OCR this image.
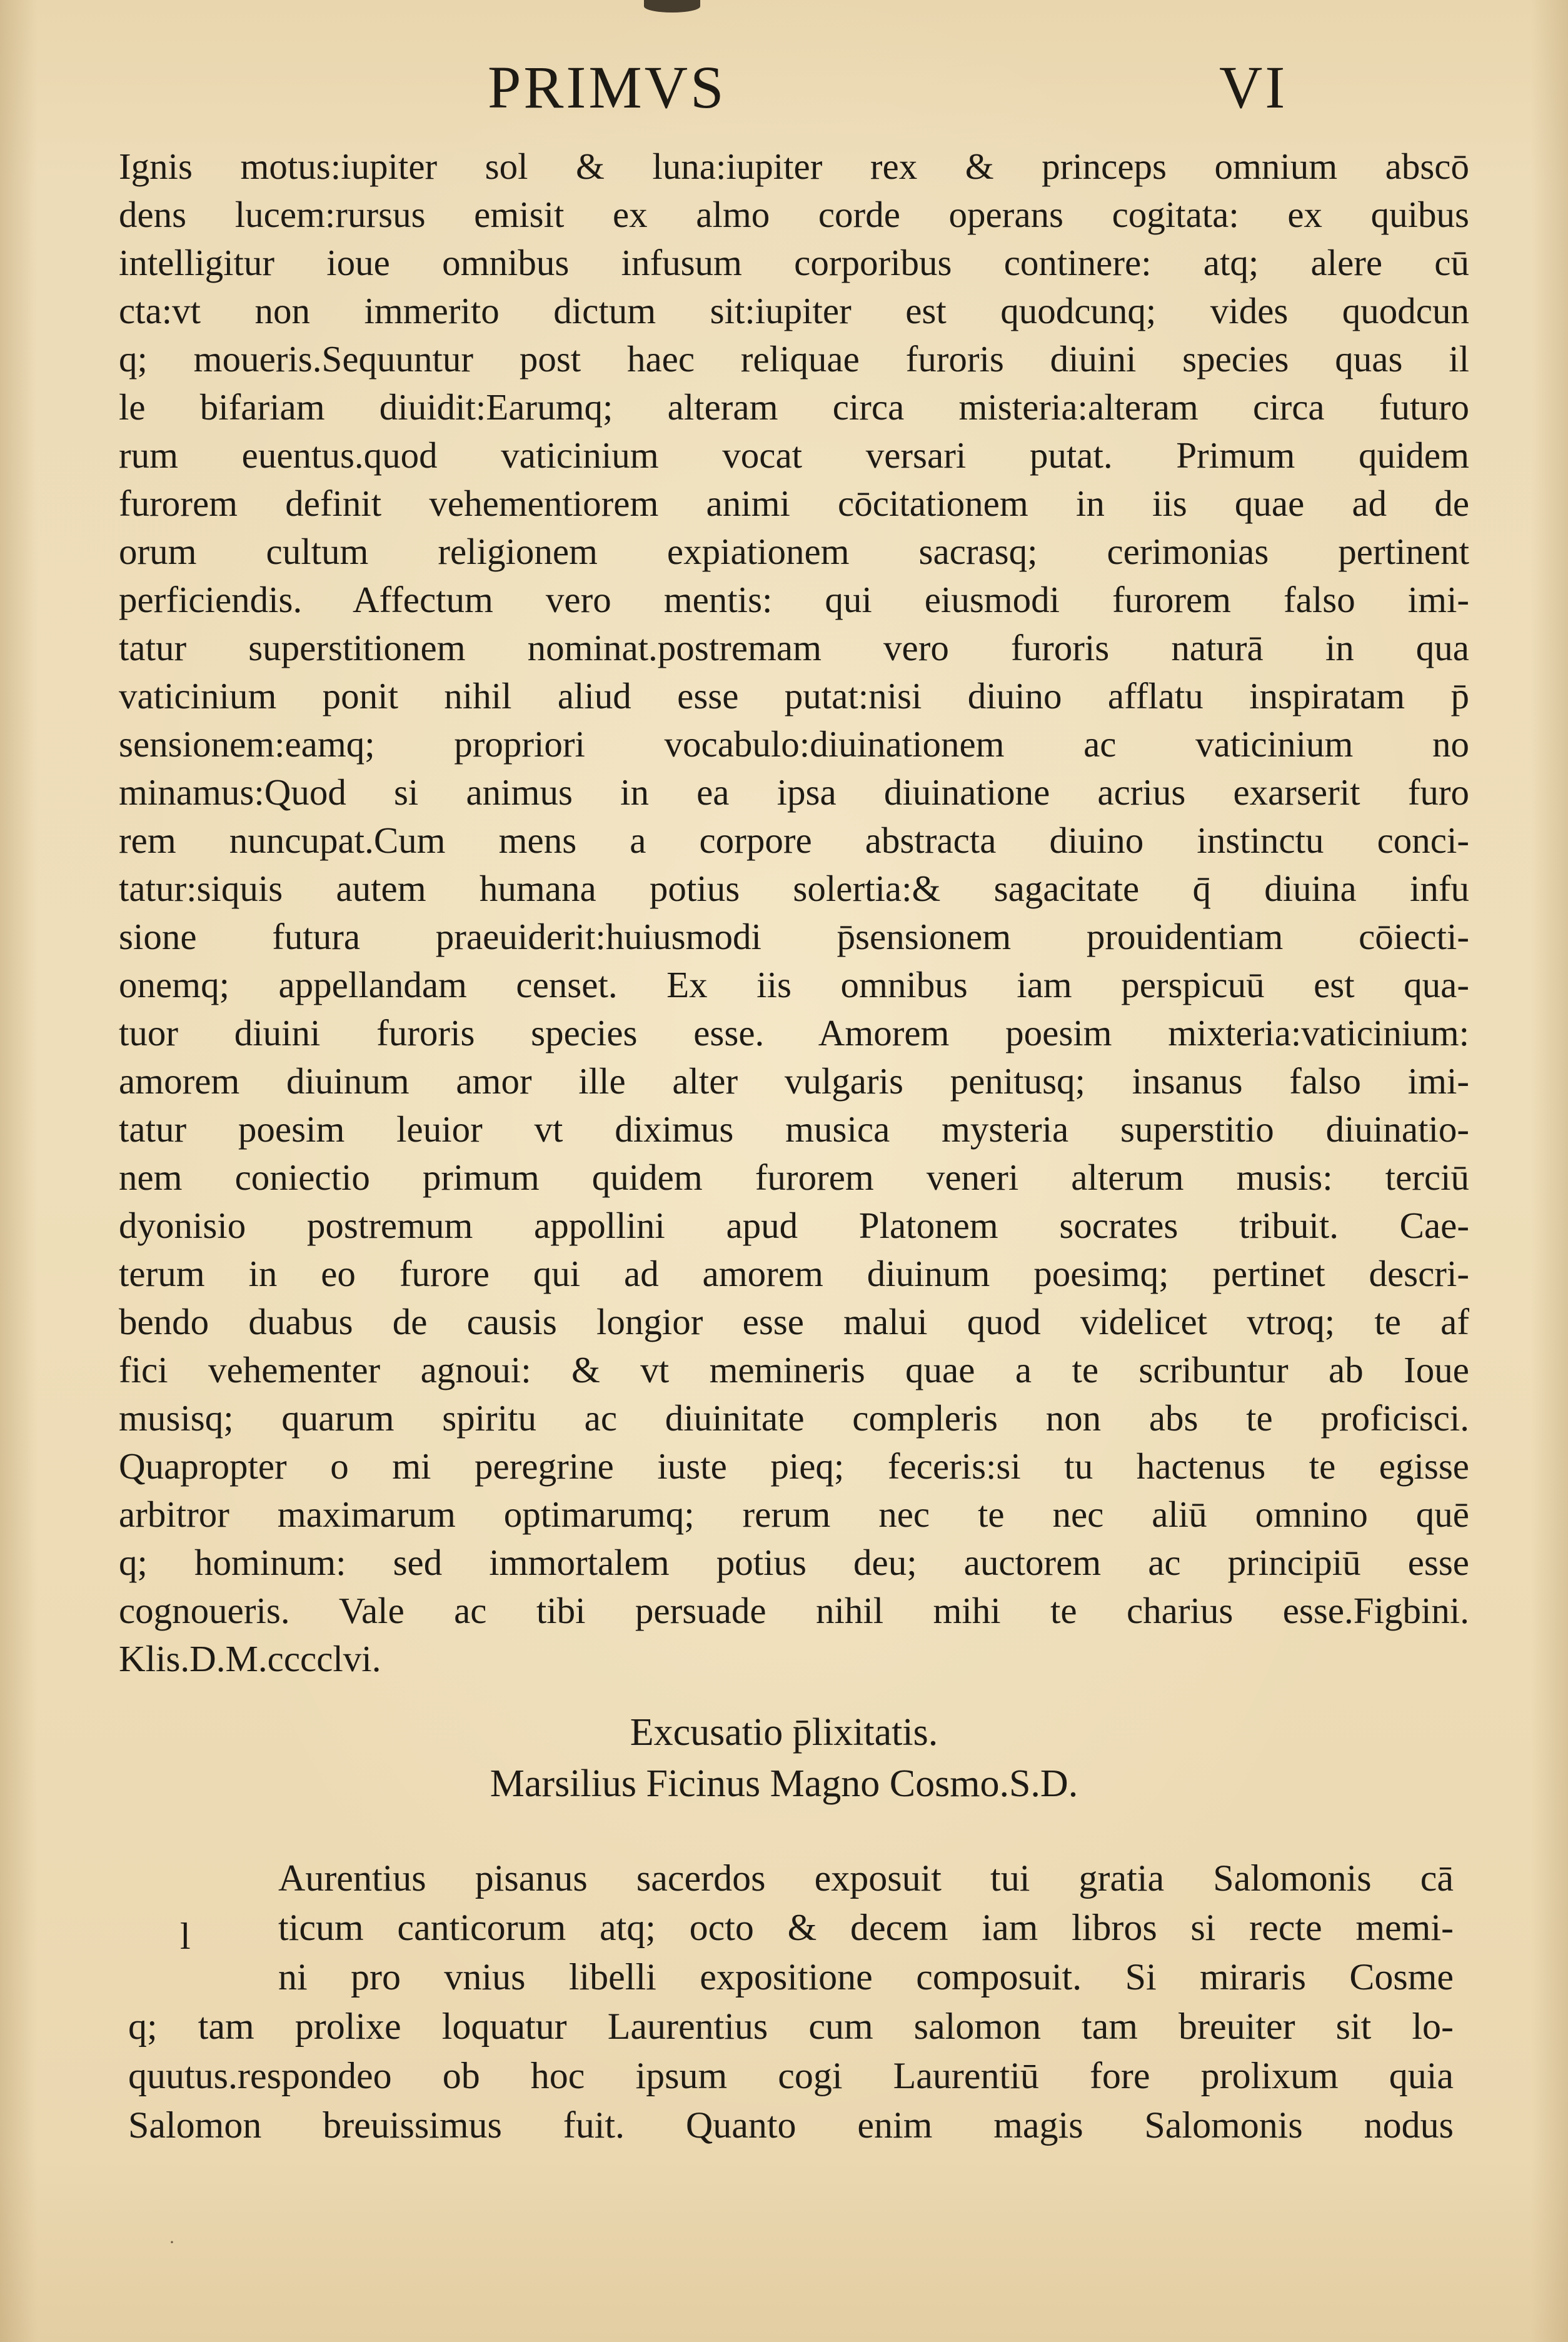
PRIMVS	VI
Ignis motus:iupiter sol & luna:iupiter rex & princeps omnium abscō
dens lucem:rursus emisit ex almo corde operans cogitata: ex quibus
intelligitur ioue omnibus infusum corporibus continere: atq; alere cū
cta:vt non immerito dictum sit:iupiter est quodcunq; vides quodcun
q; moueris.Sequuntur post haec reliquae furoris diuini species quas il
le bifariam diuidit:Earumq; alteram circa misteria:alteram circa futuro
rum euentus.quod vaticinium vocat versari putat. Primum quidem
furorem definit vehementiorem animi cōcitationem in iis quae ad de
orum cultum religionem expiationem sacrasq; cerimonias pertinent
perficiendis. Affectum vero mentis: qui eiusmodi furorem falso imi-
tatur superstitionem nominat.postremam vero furoris naturā in qua
vaticinium ponit nihil aliud esse putat:nisi diuino afflatu inspiratam p̄
sensionem:eamq; propriori vocabulo:diuinationem ac vaticinium no
minamus:Quod si animus in ea ipsa diuinatione acrius exarserit furo
rem nuncupat.Cum mens a corpore abstracta diuino instinctu conci-
tatur:siquis autem humana potius solertia:& sagacitate q̄ diuina infu
sione futura praeuiderit:huiusmodi p̄sensionem prouidentiam cōiecti-
onemq; appellandam censet. Ex iis omnibus iam perspicuū est qua-
tuor diuini furoris species esse. Amorem poesim mixteria:vaticinium:
amorem diuinum amor ille alter vulgaris penitusq; insanus falso imi-
tatur poesim leuior vt diximus musica mysteria superstitio diuinatio-
nem coniectio primum quidem furorem veneri alterum musis: terciū
dyonisio postremum appollini apud Platonem socrates tribuit. Cae-
terum in eo furore qui ad amorem diuinum poesimq; pertinet descri-
bendo duabus de causis longior esse malui quod videlicet vtroq; te af
fici vehementer agnoui: & vt memineris quae a te scribuntur ab Ioue
musisq; quarum spiritu ac diuinitate compleris non abs te proficisci.
Quapropter o mi peregrine iuste pieq; feceris:si tu hactenus te egisse
arbitror maximarum optimarumq; rerum nec te nec aliū omnino quē
q; hominum: sed immortalem potius deu; auctorem ac principiū esse
cognoueris. Vale ac tibi persuade nihil mihi te charius esse.Figbini.
Klis.D.M.cccclvi.
Excusatio p̄lixitatis.
Marsilius Ficinus Magno Cosmo.S.D.
l
Aurentius pisanus sacerdos exposuit tui gratia Salomonis cā
ticum canticorum atq; octo & decem iam libros si recte memi-
ni pro vnius libelli expositione composuit. Si miraris Cosme
q; tam prolixe loquatur Laurentius cum salomon tam breuiter sit lo-
quutus.respondeo ob hoc ipsum cogi Laurentiū fore prolixum quia
Salomon breuissimus fuit. Quanto enim magis Salomonis nodus
·
